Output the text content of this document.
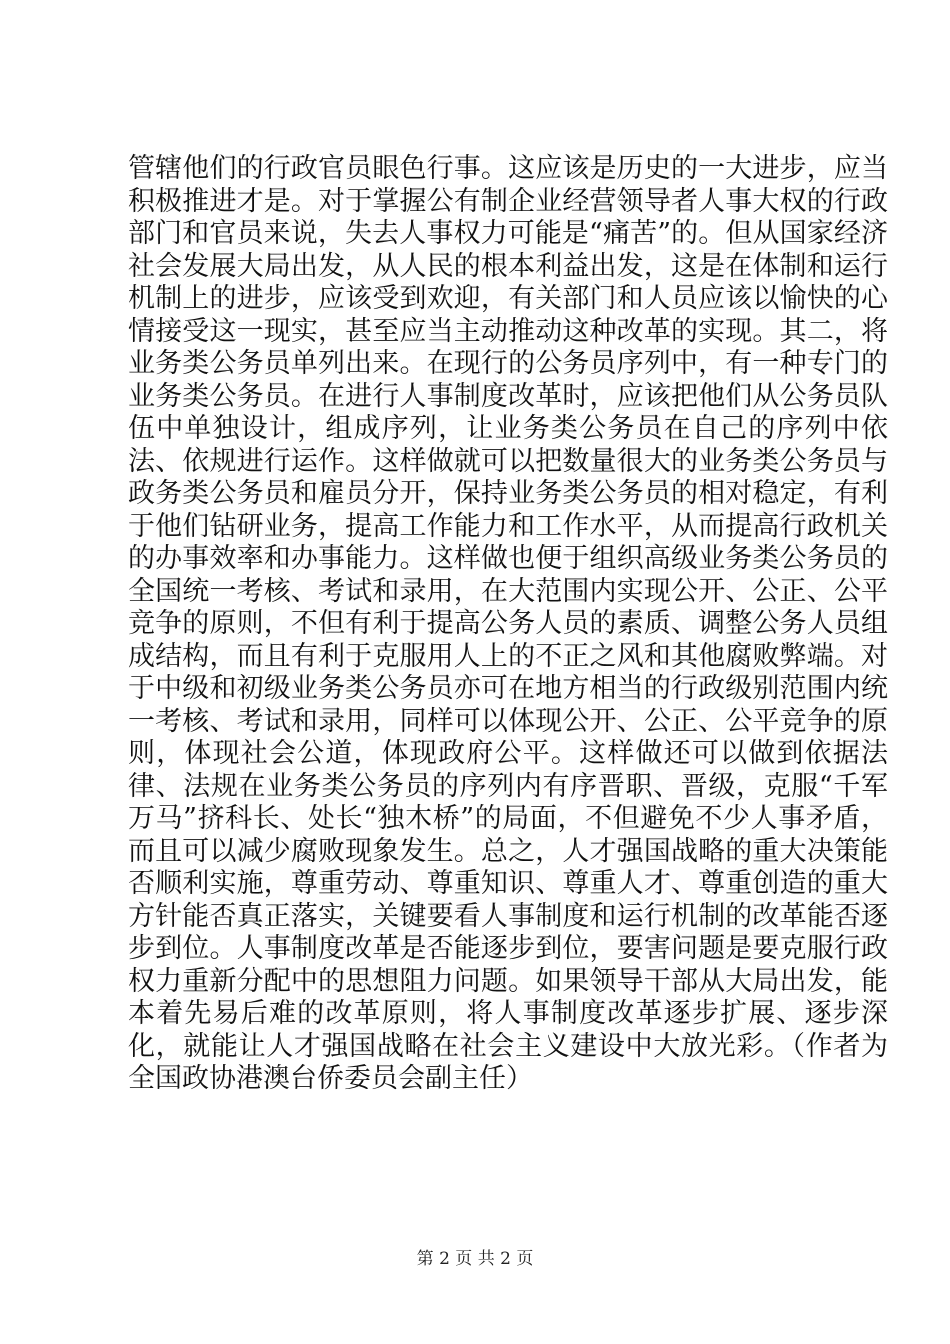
管辖他们的行政官员眼色行事。这应该是历史的一大进步，应当积极推进才是。对于掌握公有制企业经营领导者人事大权的行政部门和官员来说，失去人事权力可能是“痛苦”的。但从国家经济社会发展大局出发，从人民的根本利益出发，这是在体制和运行机制上的进步，应该受到欢迎，有关部门和人员应该以愉快的心情接受这一现实，甚至应当主动推动这种改革的实现。其二，将业务类公务员单列出来。在现行的公务员序列中，有一种专门的业务类公务员。在进行人事制度改革时，应该把他们从公务员队伍中单独设计，组成序列，让业务类公务员在自己的序列中依法、依规进行运作。这样做就可以把数量很大的业务类公务员与政务类公务员和雇员分开，保持业务类公务员的相对稳定，有利于他们钻研业务，提高工作能力和工作水平，从而提高行政机关的办事效率和办事能力。这样做也便于组织高级业务类公务员的全国统一考核、考试和录用，在大范围内实现公开、公正、公平竞争的原则，不但有利于提高公务人员的素质、调整公务人员组成结构，而且有利于克服用人上的不正之风和其他腐败弊端。对于中级和初级业务类公务员亦可在地方相当的行政级别范围内统一考核、考试和录用，同样可以体现公开、公正、公平竞争的原则，体现社会公道，体现政府公平。这样做还可以做到依据法律、法规在业务类公务员的序列内有序晋职、晋级，克服“千军万马”挤科长、处长“独木桥”的局面，不但避免不少人事矛盾，而且可以减少腐败现象发生。总之，人才强国战略的重大决策能否顺利实施，尊重劳动、尊重知识、尊重人才、尊重创造的重大方针能否真正落实，关键要看人事制度和运行机制的改革能否逐步到位。人事制度改革是否能逐步到位，要害问题是要克服行政权力重新分配中的思想阻力问题。如果领导干部从大局出发，能本着先易后难的改革原则，将人事制度改革逐步扩展、逐步深化，就能让人才强国战略在社会主义建设中大放光彩。（作者为全国政协港澳台侨委员会副主任）

第 2 页 共 2 页
